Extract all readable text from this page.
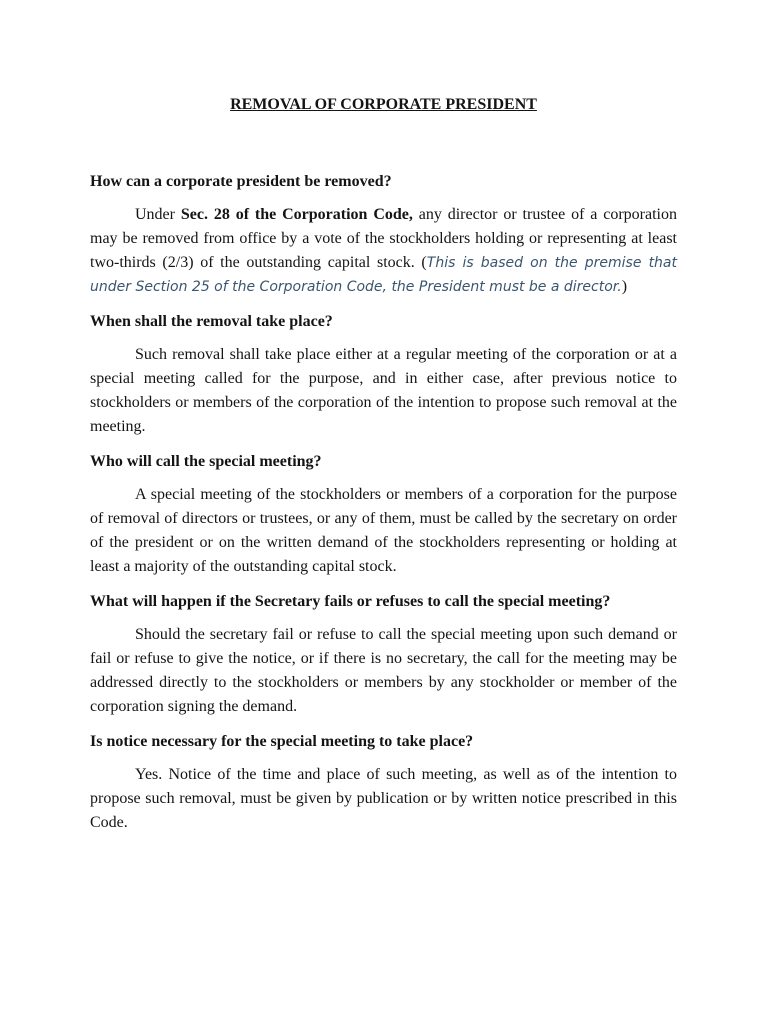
REMOVAL OF CORPORATE PRESIDENT

How can a corporate president be removed?

Under Sec. 28 of the Corporation Code, any director or trustee of a corporation may be removed from office by a vote of the stockholders holding or representing at least two-thirds (2/3) of the outstanding capital stock. (This is based on the premise that under Section 25 of the Corporation Code, the President must be a director.)

When shall the removal take place?

Such removal shall take place either at a regular meeting of the corporation or at a special meeting called for the purpose, and in either case, after previous notice to stockholders or members of the corporation of the intention to propose such removal at the meeting.

Who will call the special meeting?

A special meeting of the stockholders or members of a corporation for the purpose of removal of directors or trustees, or any of them, must be called by the secretary on order of the president or on the written demand of the stockholders representing or holding at least a majority of the outstanding capital stock.

What will happen if the Secretary fails or refuses to call the special meeting?

Should the secretary fail or refuse to call the special meeting upon such demand or fail or refuse to give the notice, or if there is no secretary, the call for the meeting may be addressed directly to the stockholders or members by any stockholder or member of the corporation signing the demand.

Is notice necessary for the special meeting to take place?

Yes. Notice of the time and place of such meeting, as well as of the intention to propose such removal, must be given by publication or by written notice prescribed in this Code.
